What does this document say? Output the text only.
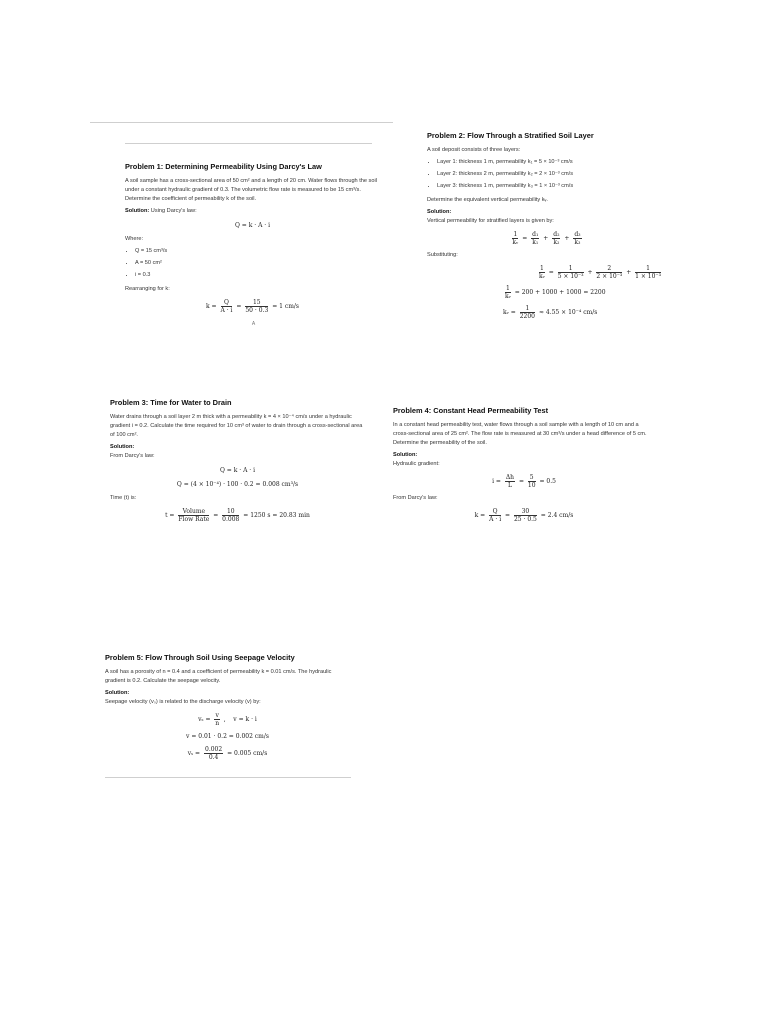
Problem 1: Determining Permeability Using Darcy's Law

A soil sample has a cross-sectional area of 50 cm² and a length of 20 cm. Water flows through the soil under a constant hydraulic gradient of 0.3. The volumetric flow rate is measured to be 15 cm³/s. Determine the coefficient of permeability k of the soil.

Solution: Using Darcy's law:

Q = k · A · i

Where:

• Q = 15 cm³/s
• A = 50 cm²
• i = 0.3

Rearranging for k:

$k = \frac{Q}{A \cdot i} = \frac{15}{50 \cdot 0.3} = 1$ cm/s
A
Problem 2: Flow Through a Stratified Soil Layer

A soil deposit consists of three layers:

• Layer 1: thickness 1 m, permeability k₁ = 5 × 10⁻³ cm/s
• Layer 2: thickness 2 m, permeability k₂ = 2 × 10⁻³ cm/s
• Layer 3: thickness 1 m, permeability k₃ = 1 × 10⁻³ cm/s

Determine the equivalent vertical permeability kᵥ.

Solution:

Vertical permeability for stratified layers is given by:

$\frac{1}{\text{kᵥ}} = \frac{\text{d₁}}{\text{k₁}} + \frac{\text{d₂}}{\text{k₂}} + \frac{\text{d₃}}{\text{k₃}}$

Substituting:

$\frac{1}{\text{kᵥ}} = \frac{1}{\text{5 × 10⁻³}} + \frac{2}{\text{2 × 10⁻³}} + \frac{1}{\text{1 × 10⁻³}}$
$\frac{1}{\text{kᵥ}} = 200 + 1000 + 1000 = 2200$
kᵥ = $\frac{1}{2200} \approx 4.55 \times 10^{-4}$ cm/s
Problem 3: Time for Water to Drain

Water drains through a soil layer 2 m thick with a permeability k = 4 × 10⁻⁴ cm/s under a hydraulic gradient i = 0.2. Calculate the time required for 10 cm³ of water to drain through a cross-sectional area of 100 cm².

Solution:

From Darcy's law:

Q = k · A · i
Q = (4 × 10⁻⁴) · 100 · 0.2 = 0.008 cm³/s

Time (t) is:

$t = \frac{\text{Volume}}{\text{Flow Rate}} = \frac{10}{0.008} = 1250$ s = 20.83 min
Problem 4: Constant Head Permeability Test

In a constant head permeability test, water flows through a soil sample with a length of 10 cm and a cross-sectional area of 25 cm². The flow rate is measured at 30 cm³/s under a head difference of 5 cm. Determine the permeability of the soil.

Solution:

Hydraulic gradient:

$i = \frac{\Delta h}{L} = \frac{5}{10} = 0.5$

From Darcy's law:

$k = \frac{Q}{A \cdot i} = \frac{30}{25 \cdot 0.5} = 2.4$ cm/s
Problem 5: Flow Through Soil Using Seepage Velocity

A soil has a porosity of n = 0.4 and a coefficient of permeability k = 0.01 cm/s. The hydraulic gradient is 0.2. Calculate the seepage velocity.

Solution:

Seepage velocity (vₛ) is related to the discharge velocity (v) by:

$v_s = \frac{v}{n}$ ,    v = k · i
v = 0.01 · 0.2 = 0.002 cm/s
$v_s = \frac{0.002}{0.4} = 0.005$ cm/s
